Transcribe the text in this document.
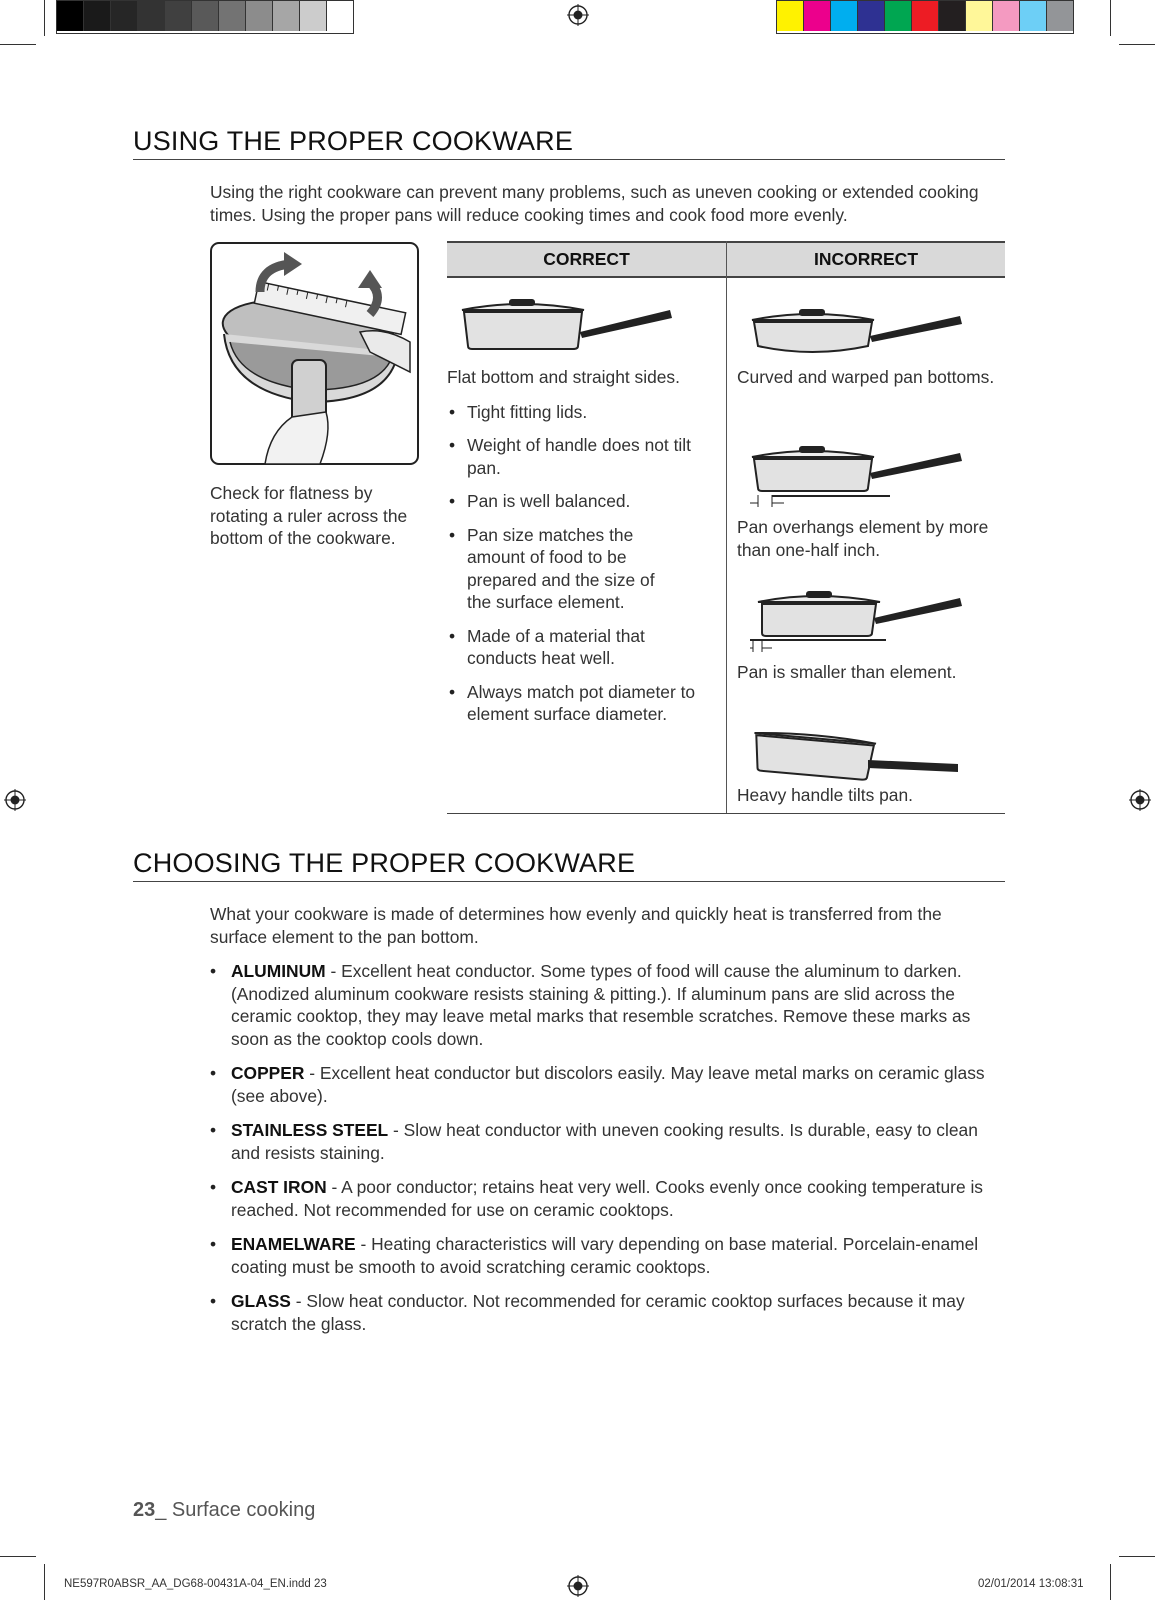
USING THE PROPER COOKWARE
Using the right cookware can prevent many problems, such as uneven cooking or extended cooking times. Using the proper pans will reduce cooking times and cook food more evenly.
Check for flatness by rotating a ruler across the bottom of the cookware.
CORRECT	INCORRECT
Flat bottom and straight sides.
• Tight fitting lids.
• Weight of handle does not tilt pan.
• Pan is well balanced.
• Pan size matches the amount of food to be prepared and the size of the surface element.
• Made of a material that conducts heat well.
• Always match pot diameter to element surface diameter.
Curved and warped pan bottoms.
Pan overhangs element by more than one-half inch.
Pan is smaller than element.
Heavy handle tilts pan.
CHOOSING THE PROPER COOKWARE
What your cookware is made of determines how evenly and quickly heat is transferred from the surface element to the pan bottom.
• ALUMINUM - Excellent heat conductor. Some types of food will cause the aluminum to darken. (Anodized aluminum cookware resists staining & pitting.). If aluminum pans are slid across the ceramic cooktop, they may leave metal marks that resemble scratches. Remove these marks as soon as the cooktop cools down.
• COPPER - Excellent heat conductor but discolors easily. May leave metal marks on ceramic glass (see above).
• STAINLESS STEEL - Slow heat conductor with uneven cooking results. Is durable, easy to clean and resists staining.
• CAST IRON - A poor conductor; retains heat very well. Cooks evenly once cooking temperature is reached. Not recommended for use on ceramic cooktops.
• ENAMELWARE - Heating characteristics will vary depending on base material. Porcelain-enamel coating must be smooth to avoid scratching ceramic cooktops.
• GLASS - Slow heat conductor. Not recommended for ceramic cooktop surfaces because it may scratch the glass.
23_ Surface cooking
NE597R0ABSR_AA_DG68-00431A-04_EN.indd 23	02/01/2014 13:08:31
